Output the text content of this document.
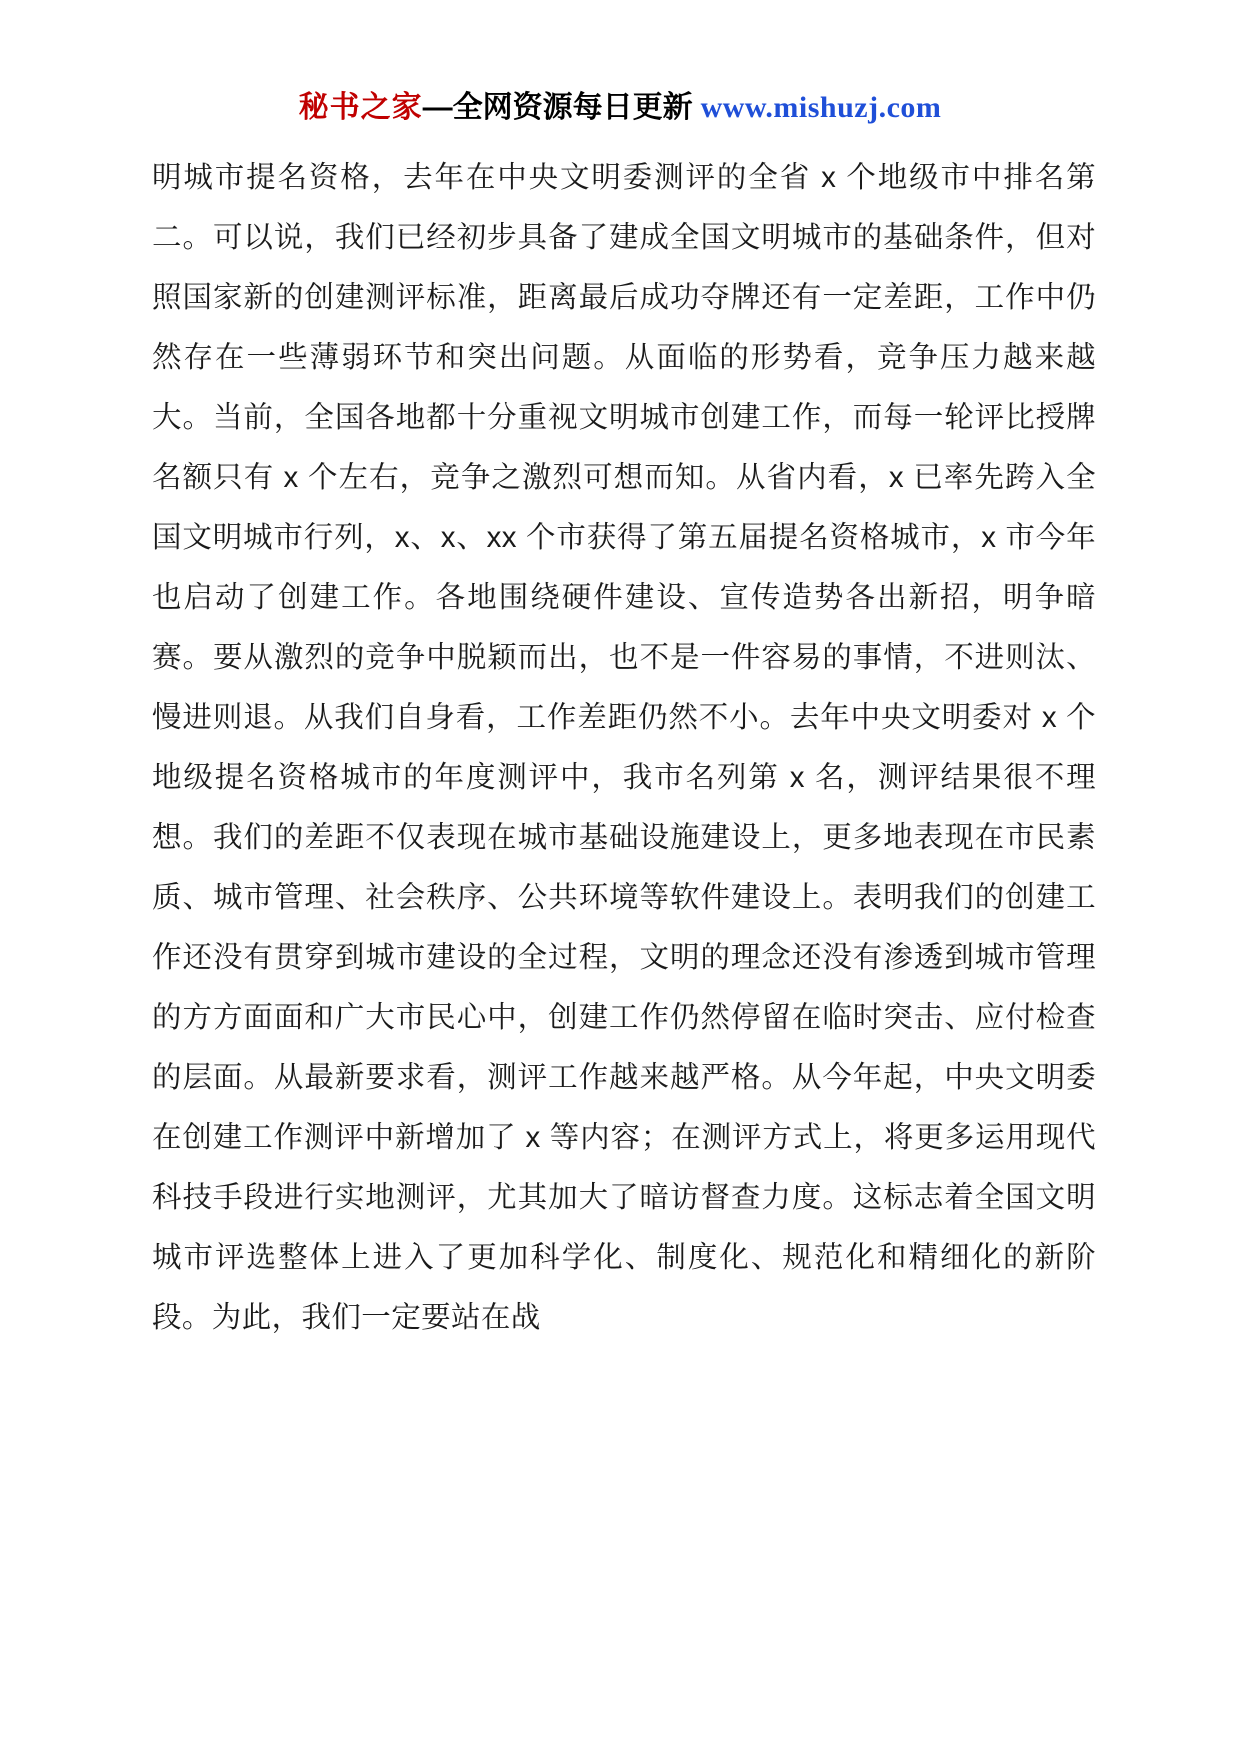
秘书之家—全网资源每日更新 www.mishuzj.com

明城市提名资格，去年在中央文明委测评的全省 x 个地级市中排名第二。可以说，我们已经初步具备了建成全国文明城市的基础条件，但对照国家新的创建测评标准，距离最后成功夺牌还有一定差距，工作中仍然存在一些薄弱环节和突出问题。从面临的形势看，竞争压力越来越大。当前，全国各地都十分重视文明城市创建工作，而每一轮评比授牌名额只有 x 个左右，竞争之激烈可想而知。从省内看，x 已率先跨入全国文明城市行列，x、x、xx 个市获得了第五届提名资格城市，x 市今年也启动了创建工作。各地围绕硬件建设、宣传造势各出新招，明争暗赛。要从激烈的竞争中脱颖而出，也不是一件容易的事情，不进则汰、慢进则退。从我们自身看，工作差距仍然不小。去年中央文明委对 x 个地级提名资格城市的年度测评中，我市名列第 x 名，测评结果很不理想。我们的差距不仅表现在城市基础设施建设上，更多地表现在市民素质、城市管理、社会秩序、公共环境等软件建设上。表明我们的创建工作还没有贯穿到城市建设的全过程，文明的理念还没有渗透到城市管理的方方面面和广大市民心中，创建工作仍然停留在临时突击、应付检查的层面。从最新要求看，测评工作越来越严格。从今年起，中央文明委在创建工作测评中新增加了 x 等内容；在测评方式上，将更多运用现代科技手段进行实地测评，尤其加大了暗访督查力度。这标志着全国文明城市评选整体上进入了更加科学化、制度化、规范化和精细化的新阶段。为此，我们一定要站在战
